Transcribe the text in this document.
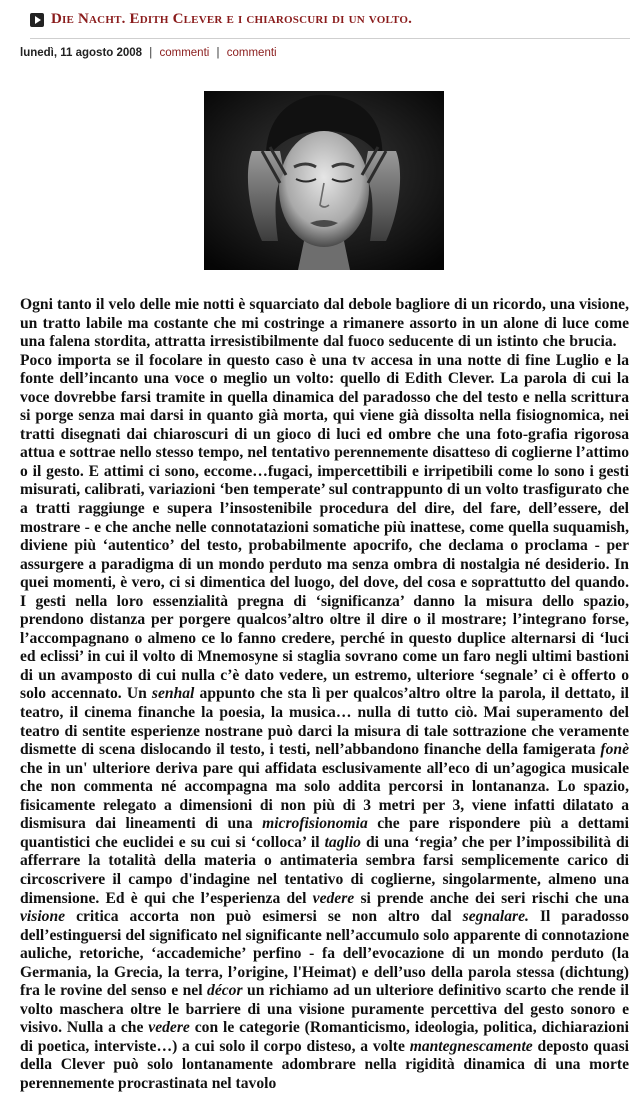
Die Nacht. Edith Clever e i chiaroscuri di un volto.
lunedì, 11 agosto 2008 | commenti | commenti
Ogni tanto il velo delle mie notti è squarciato dal debole bagliore di un ricordo, una visione, un tratto labile ma costante che mi costringe a rimanere assorto in un alone di luce come una falena stordita, attratta irresistibilmente dal fuoco seducente di un istinto che brucia.    Poco importa se il focolare in questo caso è una tv accesa in una notte di fine Luglio e la fonte dell’incanto una voce o meglio un volto: quello di Edith Clever. La parola di cui la voce dovrebbe farsi tramite in quella dinamica del paradosso che del testo e nella scrittura si porge senza mai darsi in quanto già morta, qui viene già dissolta nella fisiognomica, nei tratti disegnati dai chiaroscuri di un gioco di luci ed ombre che una foto-grafia rigorosa attua e sottrae nello stesso tempo, nel tentativo perennemente disatteso di coglierne l’attimo o il gesto. E attimi ci sono, eccome…fugaci, impercettibili e irripetibili come lo sono i gesti misurati, calibrati, variazioni ‘ben temperate’ sul contrappunto di un volto trasfigurato che a tratti raggiunge e supera l’insostenibile procedura del dire, del fare, dell’essere, del mostrare - e che anche nelle connotatazioni somatiche più inattese, come quella suquamish, diviene più ‘autentico’ del testo, probabilmente apocrifo, che declama o proclama - per assurgere a paradigma di un mondo perduto ma senza ombra di nostalgia né desiderio. In quei momenti, è vero, ci si dimentica del luogo, del dove, del cosa e soprattutto del quando. I gesti nella loro essenzialità pregna di ‘significanza’ danno la misura dello spazio, prendono distanza per porgere qualcos’altro oltre il dire o il mostrare; l’integrano forse, l’accompagnano o almeno ce lo fanno credere, perché in questo duplice alternarsi di ‘luci ed eclissi’ in cui il volto di Mnemosyne si staglia sovrano come un faro negli ultimi bastioni di un avamposto di cui nulla c’è dato vedere, un estremo, ulteriore ‘segnale’ ci è offerto o solo accennato. Un senhal appunto che sta lì per qualcos’altro oltre la parola, il dettato, il teatro, il cinema finanche la poesia, la musica… nulla di tutto ciò. Mai superamento del teatro di sentite esperienze nostrane può darci la misura di tale sottrazione che veramente dismette di scena dislocando il testo, i testi, nell’abbandono finanche della famigerata fonè che in un' ulteriore deriva pare qui affidata esclusivamente all’eco di un’agogica musicale che non commenta né accompagna ma solo addita percorsi in lontananza. Lo spazio, fisicamente relegato a dimensioni di non più di 3 metri per 3, viene infatti dilatato a dismisura dai lineamenti di una microfisionomia che pare rispondere più a dettami quantistici che euclidei e su cui si ‘colloca’ il taglio di una ‘regia’ che per l’impossibilità di afferrare la totalità della materia o antimateria sembra farsi semplicemente carico di circoscrivere il campo d'indagine nel tentativo di coglierne, singolarmente, almeno una dimensione. Ed è qui che l’esperienza del vedere si prende anche dei seri rischi che una visione critica accorta non può esimersi se non altro dal segnalare. Il paradosso dell’estinguersi del significato nel significante nell’accumulo solo apparente di connotazione auliche, retoriche, ‘accademiche’ perfino - fa dell’evocazione di un mondo perduto (la Germania, la Grecia, la terra, l’origine, l'Heimat) e dell’uso della parola stessa (dichtung) fra le rovine del senso e nel décor un richiamo ad un ulteriore definitivo scarto che rende il volto maschera oltre le barriere di una visione puramente percettiva del gesto sonoro e visivo. Nulla a che vedere con le categorie (Romanticismo, ideologia, politica, dichiarazioni di poetica, interviste…) a cui solo il corpo disteso, a volte mantegnescamente deposto quasi della Clever può solo lontanamente adombrare nella rigidità dinamica di una morte perennemente procrastinata nel tavolo
